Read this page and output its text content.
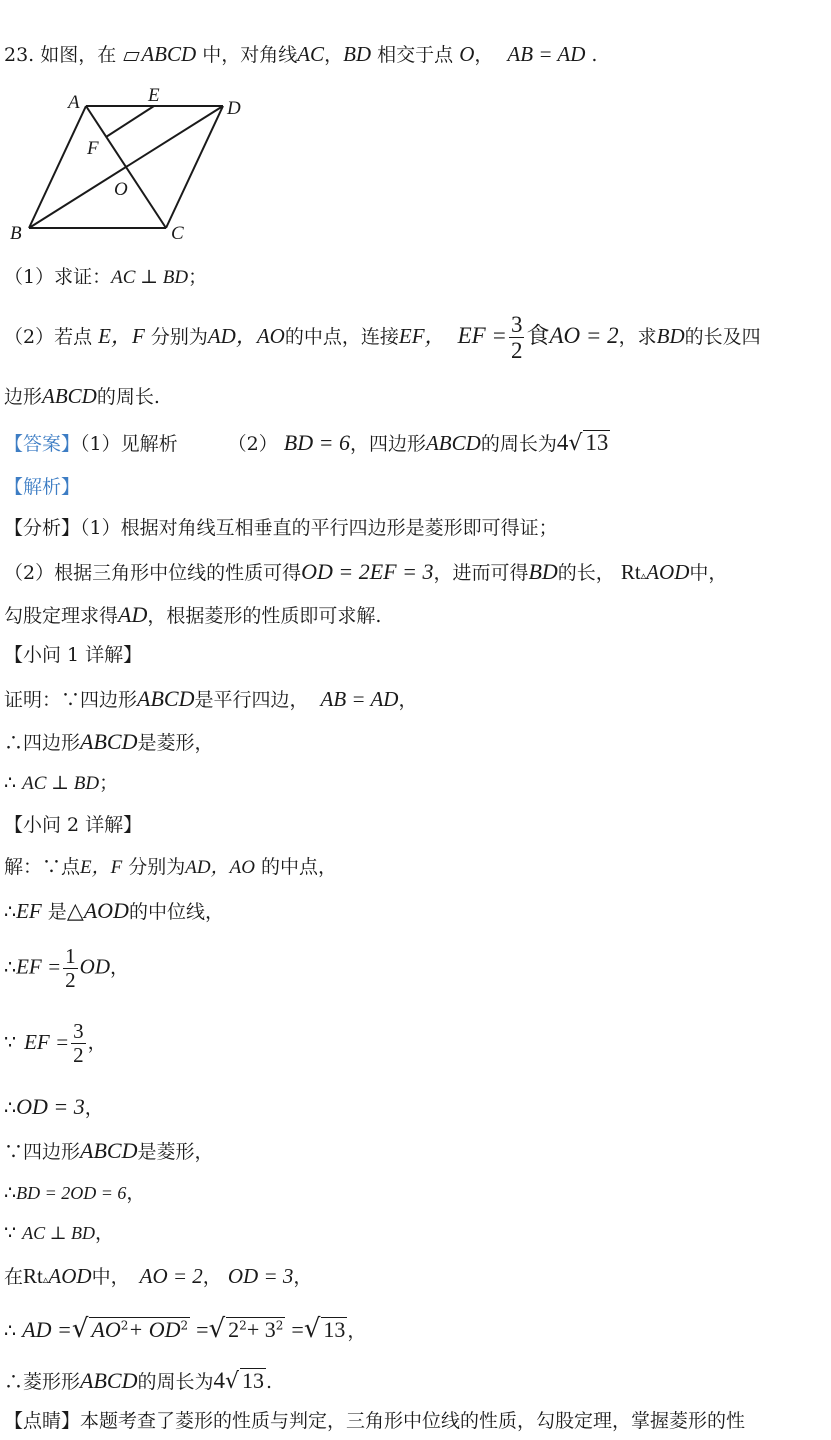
23. 如图，在 ABCD 中，对角线AC，BD 相交于点 O， AB = AD .
A	E
D
F
O
B	C
（1）求证：AC ⊥ BD；
（2）若点 E，F 分别为AD，AO的中点，连接EF， EF = $\frac{3}{2}$ 食AO = 2，求BD的长及四
边形ABCD的周长.
【答案】（1）见解析	（2） BD = 6，四边形ABCD的周长为4√ 13
【解析】
【分析】（1）根据对角线互相垂直的平行四边形是菱形即可得证；
（2）根据三角形中位线的性质可得OD = 2EF = 3，进而可得BD的长， Rt▵AOD中，
勾股定理求得AD，根据菱形的性质即可求解.
【小问 1 详解】
证明：∵四边形ABCD是平行四边， AB = AD，
∴四边形ABCD是菱形，
∴ AC ⊥ BD；
【小问 2 详解】
解：∵点E，F 分别为AD，AO 的中点，
∴EF 是△AOD的中位线，
∴EF = $\frac{1}{2}$ OD，
∵ EF = $\frac{3}{2}$ ，
∴OD = 3，
∵四边形ABCD是菱形，
∴BD = 2OD = 6，
∵ AC ⊥ BD，
在Rt▵AOD中， AO = 2， OD = 3，
∴ AD =√ $AO^2+ OD^2$ =√ $2^2+ 3^2$ =√ 13 ，
∴菱形形ABCD的周长为4√ 13 .
【点睛】本题考查了菱形的性质与判定，三角形中位线的性质，勾股定理，掌握菱形的性
